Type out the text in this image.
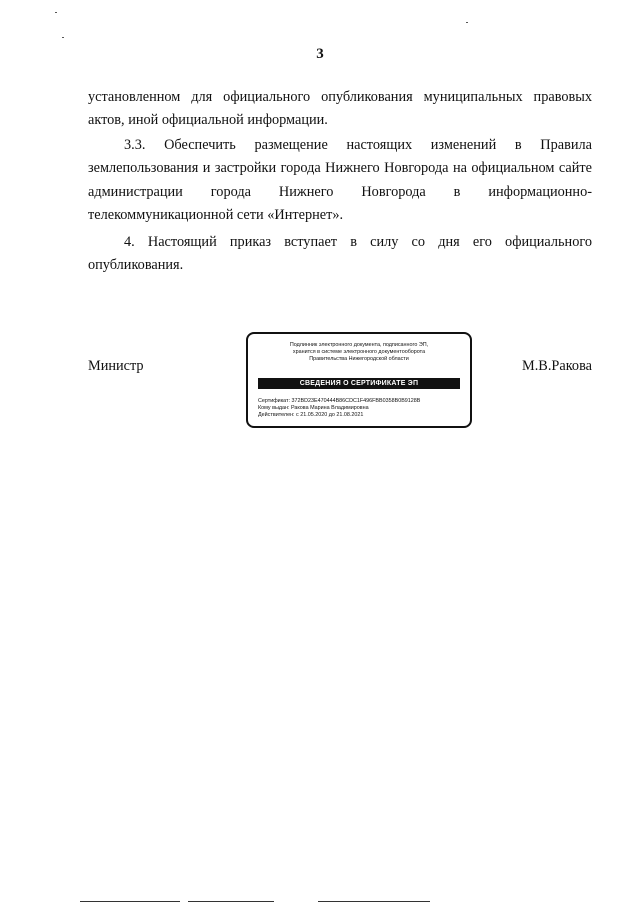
3
установленном для официального опубликования муниципальных правовых
актов, иной официальной информации.
3.3. Обеспечить размещение настоящих изменений в Правила
землепользования и застройки города Нижнего Новгорода на официальном сайте
администрации города Нижнего Новгорода в информационно-
телекоммуникационной сети «Интернет».
4. Настоящий приказ вступает в силу со дня его официального
опубликования.
Министр
Подлинник электронного документа, подписанного ЭП,
хранится в системе электронного документооборота
Правительства Нижегородской области
СВЕДЕНИЯ О СЕРТИФИКАТЕ ЭП
Сертификат: 372BD23E470444B86CDC1F496FBB0358B0B9128B
Кому выдан: Ракова Марина Владимировна
Действителен: с 21.05.2020 до 21.08.2021
М.В.Ракова
